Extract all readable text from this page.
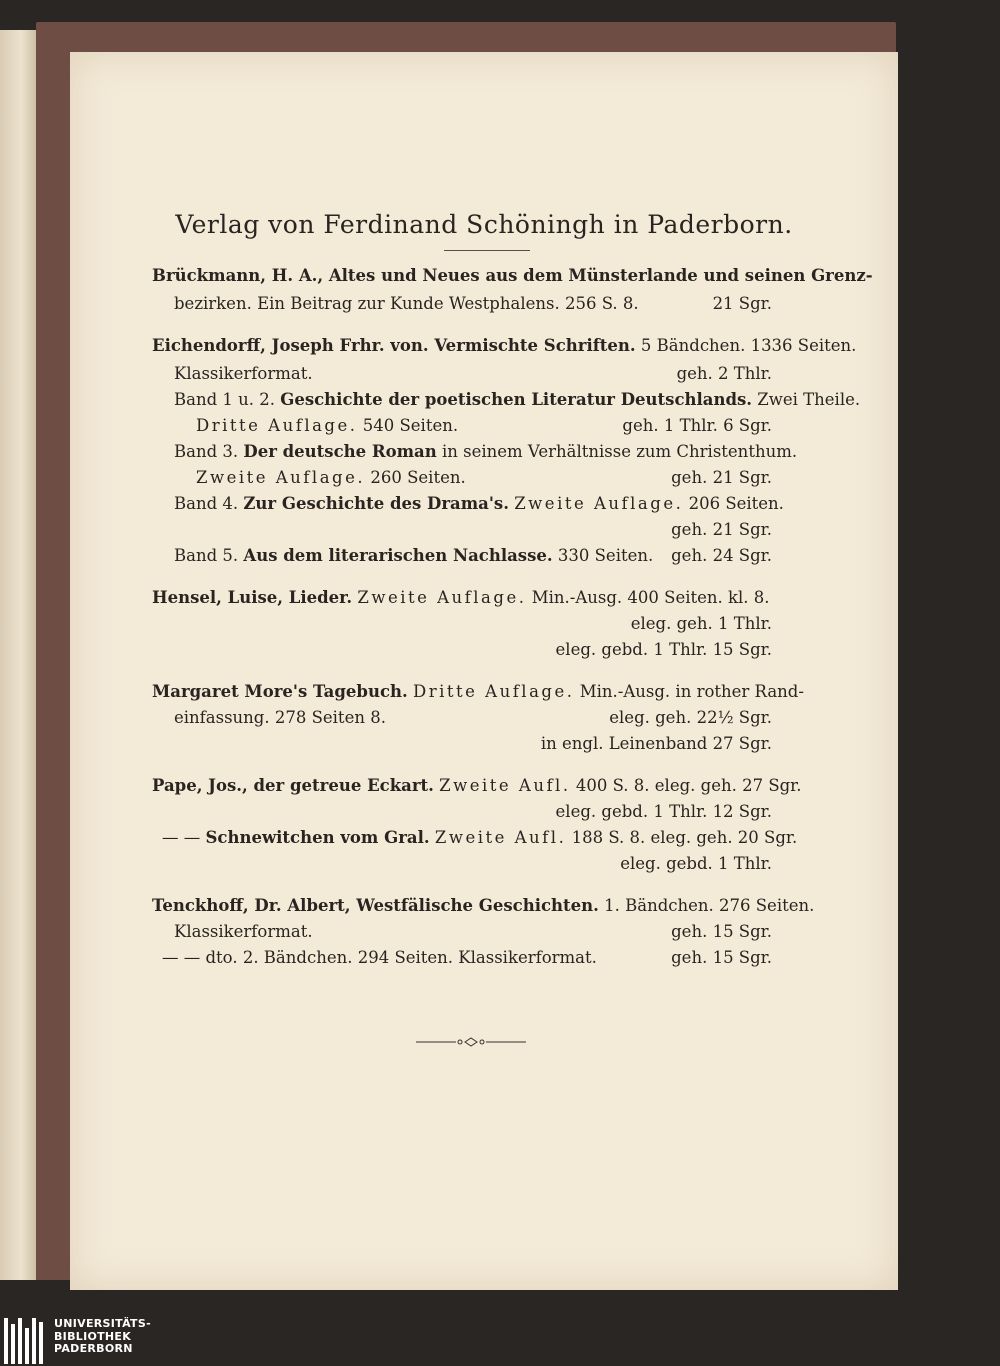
Verlag von Ferdinand Schöningh in Paderborn.
Brückmann, H. A., Altes und Neues aus dem Münsterlande und seinen Grenz-
bezirken. Ein Beitrag zur Kunde Westphalens. 256 S. 8.	21 Sgr.
Eichendorff, Joseph Frhr. von. Vermischte Schriften. 5 Bändchen. 1336 Seiten.
Klassikerformat.	geh. 2 Thlr.
Band 1 u. 2. Geschichte der poetischen Literatur Deutschlands. Zwei Theile.
Dritte Auflage. 540 Seiten.	geh. 1 Thlr. 6 Sgr.
Band 3. Der deutsche Roman in seinem Verhältnisse zum Christenthum.
Zweite Auflage. 260 Seiten.	geh. 21 Sgr.
Band 4. Zur Geschichte des Drama's. Zweite Auflage. 206 Seiten.
geh. 21 Sgr.
Band 5. Aus dem literarischen Nachlasse. 330 Seiten. geh. 24 Sgr.
Hensel, Luise, Lieder. Zweite Auflage. Min.-Ausg. 400 Seiten. kl. 8.
eleg. geh. 1 Thlr.
eleg. gebd. 1 Thlr. 15 Sgr.
Margaret More's Tagebuch. Dritte Auflage. Min.-Ausg. in rother Rand-
einfassung. 278 Seiten 8.	eleg. geh. 22½ Sgr.
in engl. Leinenband 27 Sgr.
Pape, Jos., der getreue Eckart. Zweite Aufl. 400 S. 8. eleg. geh. 27 Sgr.
eleg. gebd. 1 Thlr. 12 Sgr.
— — Schnewitchen vom Gral. Zweite Aufl. 188 S. 8. eleg. geh. 20 Sgr.
eleg. gebd. 1 Thlr.
Tenckhoff, Dr. Albert, Westfälische Geschichten. 1. Bändchen. 276 Seiten.
Klassikerformat.	geh. 15 Sgr.
— — dto. 2. Bändchen. 294 Seiten. Klassikerformat.	geh. 15 Sgr.
UNIVERSITÄTS-
BIBLIOTHEK
PADERBORN
